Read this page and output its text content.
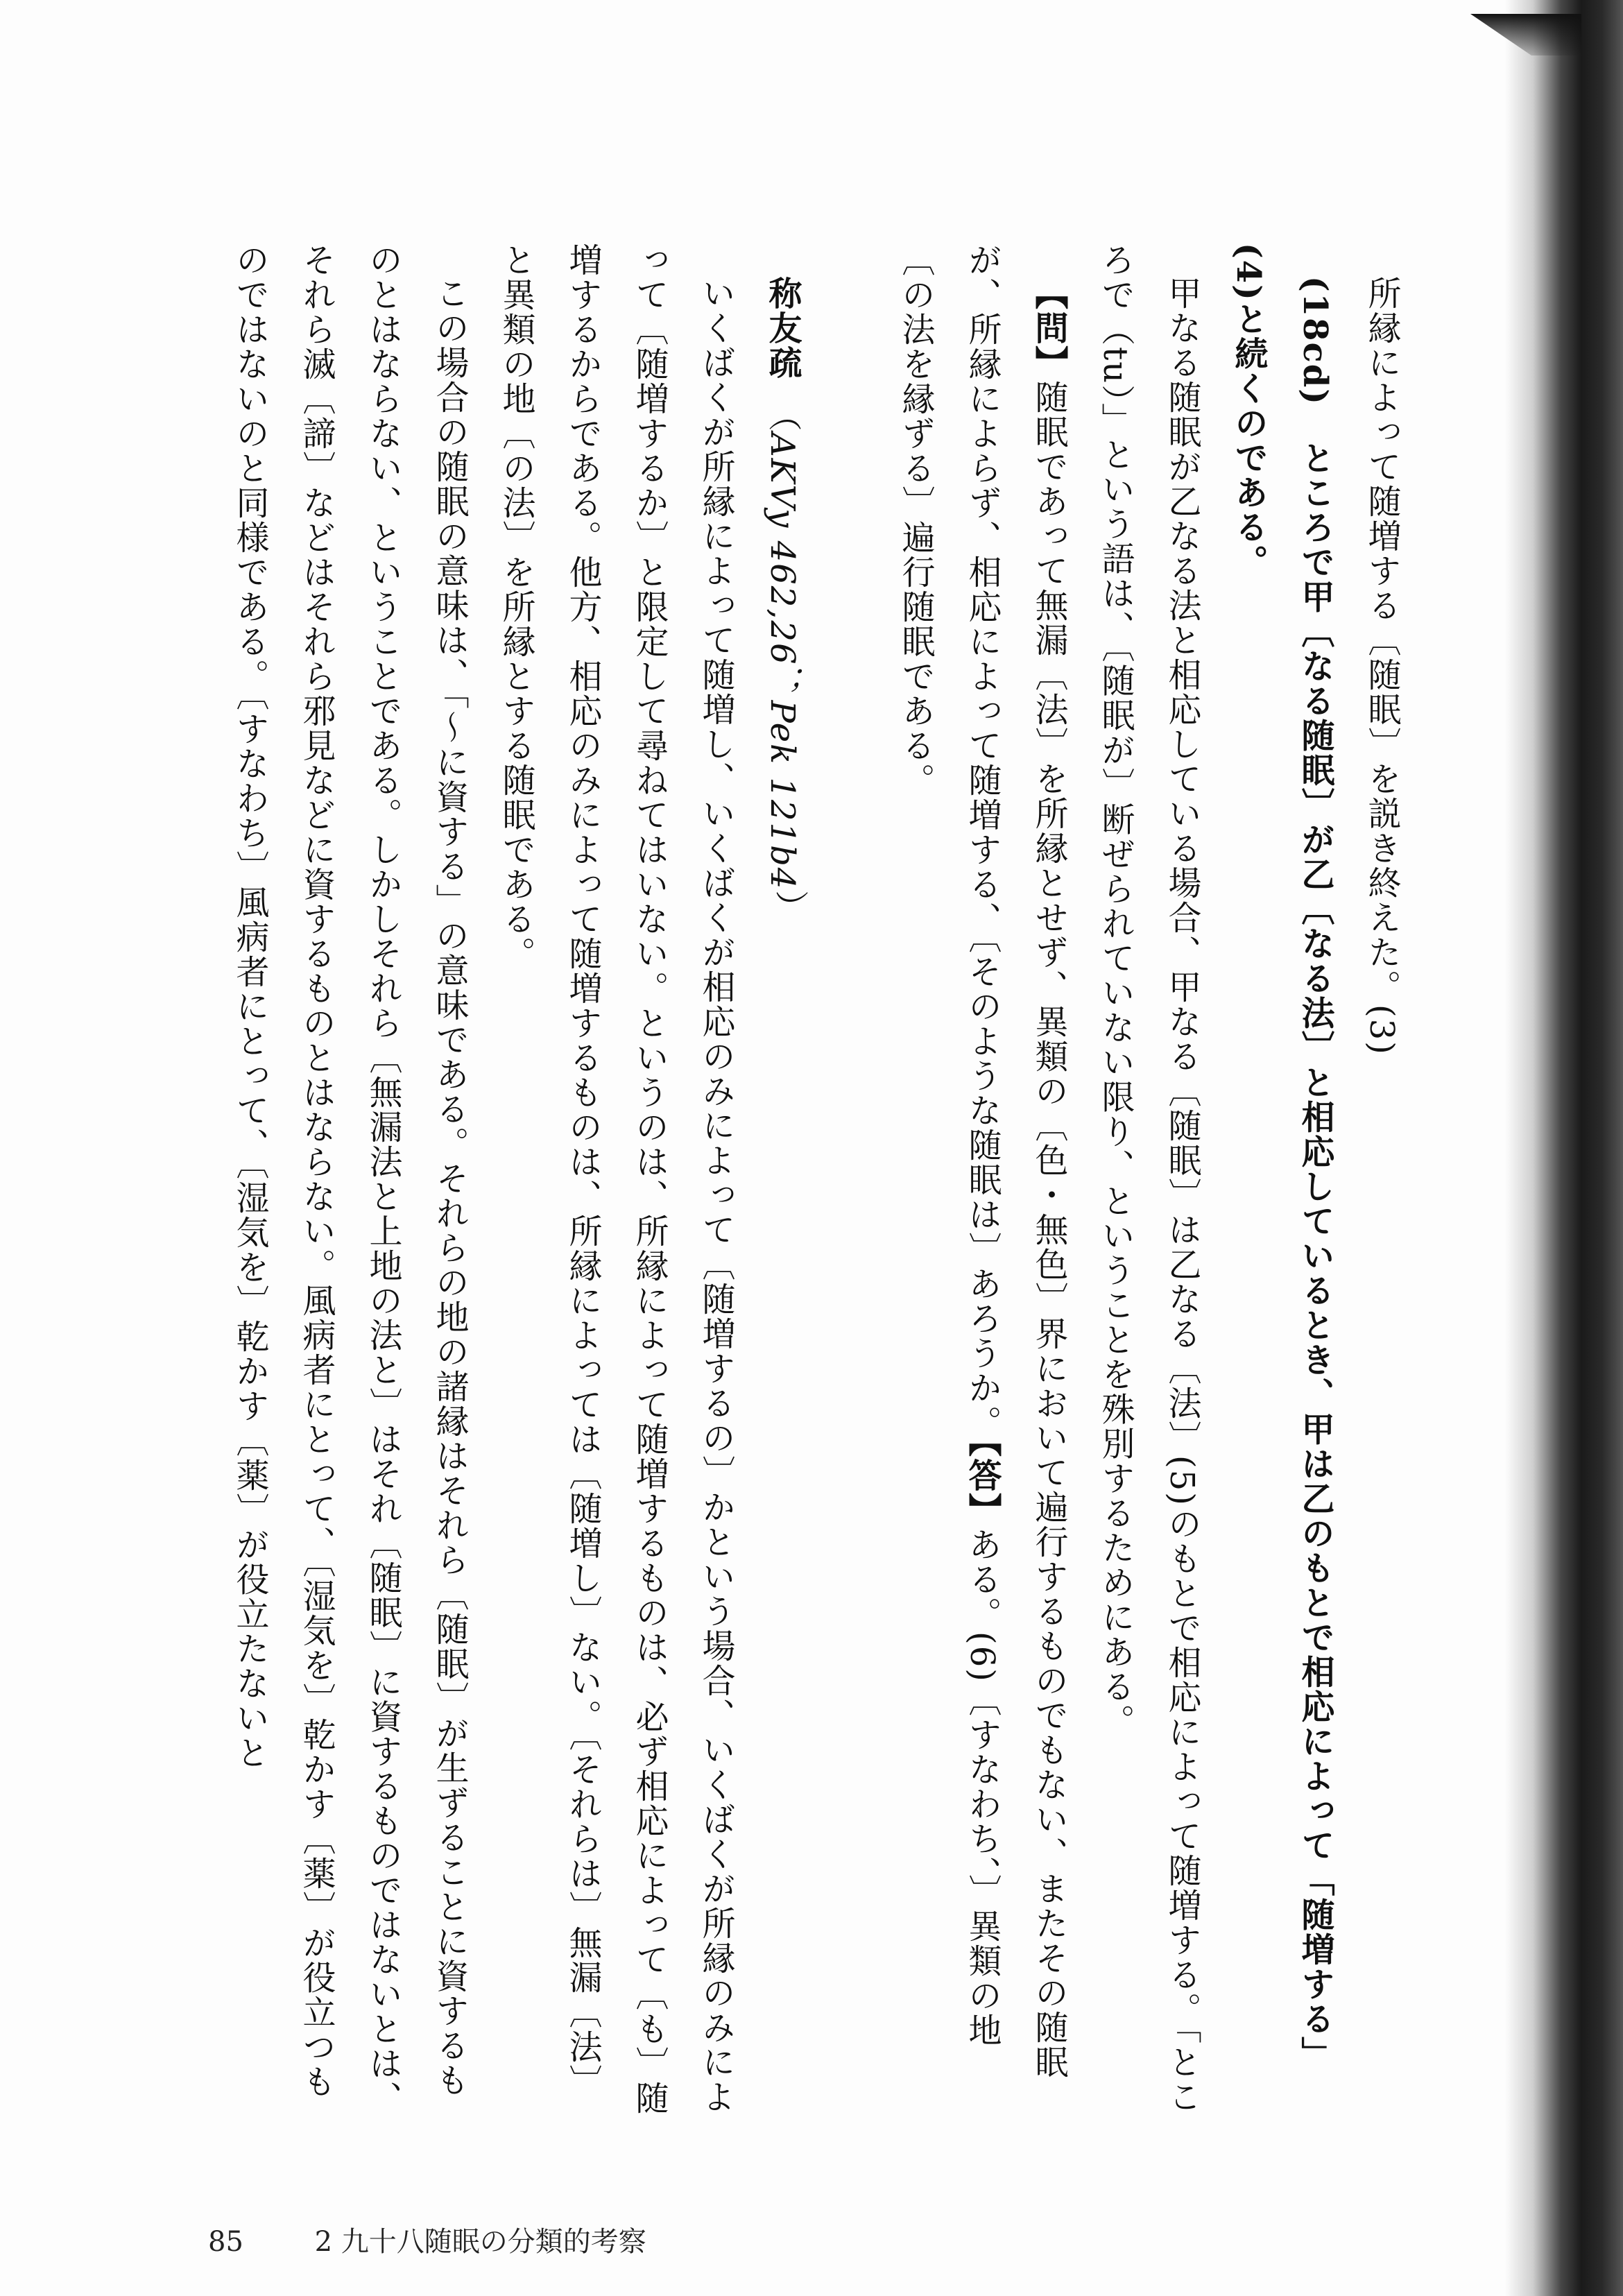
所縁によって随増する〔随眠〕を説き終えた。(3)

(18cd)　ところで甲〔なる随眠〕が乙〔なる法〕と相応しているとき、甲は乙のもとで相応によって「随増する」(4)と続くのである。

甲なる随眠が乙なる法と相応している場合、甲なる〔随眠〕は乙なる〔法〕(5)のもとで相応によって随増する。「ところで（tu）」という語は、〔随眠が〕断ぜられていない限り、ということを殊別するためにある。

【問】随眠であって無漏〔法〕を所縁とせず、異類の〔色・無色〕界において遍行するものでもない、またその随眠が、所縁によらず、相応によって随増する、〔そのような随眠は〕あろうか。【答】ある。(6)〔すなわち、〕異類の地〔の法を縁ずる〕遍行随眠である。

称友疏　（AKVy 462,26；Pek 121b4）

いくばくが所縁によって随増し、いくばくが相応のみによって〔随増するの〕かという場合、いくばくが所縁のみによって〔随増するか〕と限定して尋ねてはいない。というのは、所縁によって随増するものは、必ず相応によって〔も〕随増するからである。他方、相応のみによって随増するものは、所縁によっては〔随増し〕ない。〔それらは〕無漏〔法〕と異類の地〔の法〕を所縁とする随眠である。

この場合の随眠の意味は、「〜に資する」の意味である。それらの地の諸縁はそれら〔随眠〕が生ずることに資するものとはならない、ということである。しかしそれら〔無漏法と上地の法と〕はそれ〔随眠〕に資するものではないとは、それら滅〔諦〕などはそれら邪見などに資するものとはならない。風病者にとって、〔湿気を〕乾かす〔薬〕が役立つものではないのと同様である。〔すなわち〕風病者にとって、〔湿気を〕乾かす〔薬〕が役立たないと

85	2 九十八随眠の分類的考察
